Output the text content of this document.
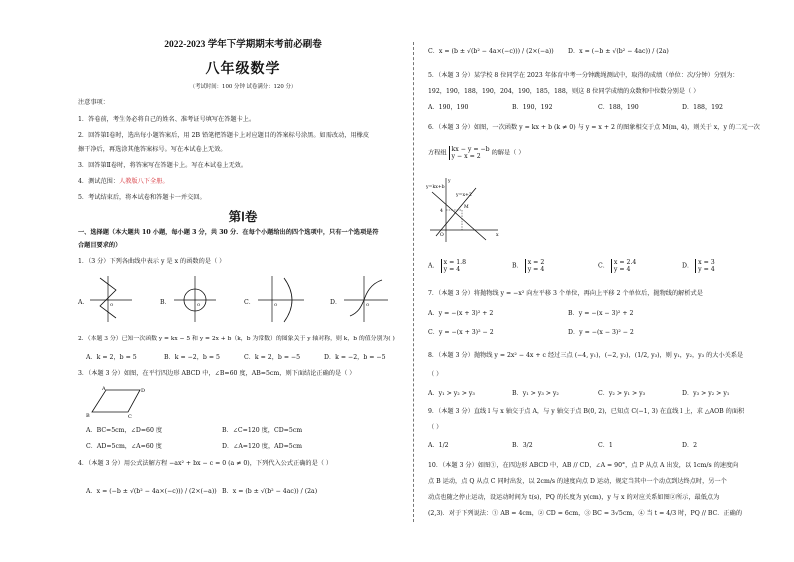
2022-2023 学年下学期期末考前必刷卷
八年级数学
（考试时间：100 分钟 试卷满分：120 分）
注意事项：
1．答卷前，考生务必将自己的姓名、准考证号填写在答题卡上。
2．回答第Ⅰ卷时，选出每小题答案后，用 2B 铅笔把答题卡上对应题目的答案标号涂黑。如需改动，用橡皮
擦干净后，再选涂其他答案标号。写在本试卷上无效。
3．回答第Ⅱ卷时，将答案写在答题卡上。写在本试卷上无效。
4．测试范围：人教版八下全册。
5．考试结束后，将本试卷和答题卡一并交回。
第Ⅰ卷
一、选择题（本大题共 10 小题，每小题 3 分，共 30 分．在每个小题给出的四个选项中，只有一个选项是符
合题目要求的）
1．（3 分）下列各曲线中表示 y 是 x 的函数的是（ ）
A．	O	B．	O	C．	O	D．	O
2．（本题 3 分）已知一次函数 y = kx − 5 和 y = 2x + b（k，b 为常数）的图象关于 y 轴对称，则 k，b 的值分别为( )
A．k = 2，b = 5	B．k = −2，b = 5	C．k = 2，b = −5	D．k = −2，b = −5
3．（本题 3 分）如图，在平行四边形 ABCD 中，∠B=60 度，AB=5cm，则下面结论正确的是（ ）
A
B	C
D
A．BC=5cm，∠D=60 度	B．∠C=120 度，CD=5cm
C．AD=5cm，∠A=60 度	D．∠A=120 度，AD=5cm
4．（本题 3 分）用公式法解方程 −ax² + bx − c = 0 (a ≠ 0)，下列代入公式正确的是（ ）
A．x = (−b ± √(b² − 4a×(−c))) / (2×(−a)) B．x = (b ± √(b² − 4ac)) / (2a)
C．x = (b ± √(b² − 4a×(−c))) / (2×(−a)) D．x = (−b ± √(b² − 4ac)) / (2a)
5．（本题 3 分）某学校 8 位同学在 2023 年体育中考一分钟跳绳测试中，取得的成绩（单位：次/分钟）分别为：
192，190，188，190，204，190，185，188，则这 8 位同学成绩的众数和中位数分别是（ ）
A．190，190	B．190，192	C．188，190	D．188，192
6．（本题 3 分）如图，一次函数 y = kx + b (k ≠ 0) 与 y = x + 2 的图象相交于点 M(m, 4)，则关于 x，y 的二元一次
方程组
kx − y = −b
y − x = 2	的解是（ ）
y=kx+b
y=x+2
M
4
O	x
y
A．
x = 1.8
y = 4	B．
x = 2
y = 4	C．
x = 2.4
y = 4	D．
x = 3
y = 4
7．（本题 3 分）将抛物线 y = −x² 向左平移 3 个单位，再向上平移 2 个单位后，抛物线的解析式是
A．y = −(x + 3)² + 2	B．y = −(x − 3)² + 2
C．y = −(x + 3)² − 2	D．y = −(x − 3)² − 2
8．（本题 3 分）抛物线 y = 2x² − 4x + c 经过三点 (−4, y₁)，(−2, y₂)，(1/2, y₃)，则 y₁，y₂，y₃ 的大小关系是
（ ）
A．y₁ > y₂ > y₃	B．y₁ > y₃ > y₂	C．y₂ > y₁ > y₃	D．y₃ > y₂ > y₁
9．（本题 3 分）直线 l 与 x 轴交于点 A，与 y 轴交于点 B(0, 2)，已知点 C(−1, 3) 在直线 l 上，求 △AOB 的面积
（ ）
A．1/2	B．3/2	C．1	D．2
10．（本题 3 分）如图①，在四边形 ABCD 中，AB // CD，∠A = 90°，点 P 从点 A 出发，以 1cm/s 的速度向
点 B 运动，点 Q 从点 C 同时出发，以 2cm/s 的速度向点 D 运动，规定当其中一个动点到达终点时，另一个
动点也随之停止运动，设运动时间为 t(s)，PQ 的长度为 y(cm)，y 与 x 的对应关系如图②所示，最低点为
(2,3)．对于下列说法：① AB = 4cm，② CD = 6cm，③ BC = 3√5cm，④ 当 t = 4/3 时，PQ // BC．正确的
